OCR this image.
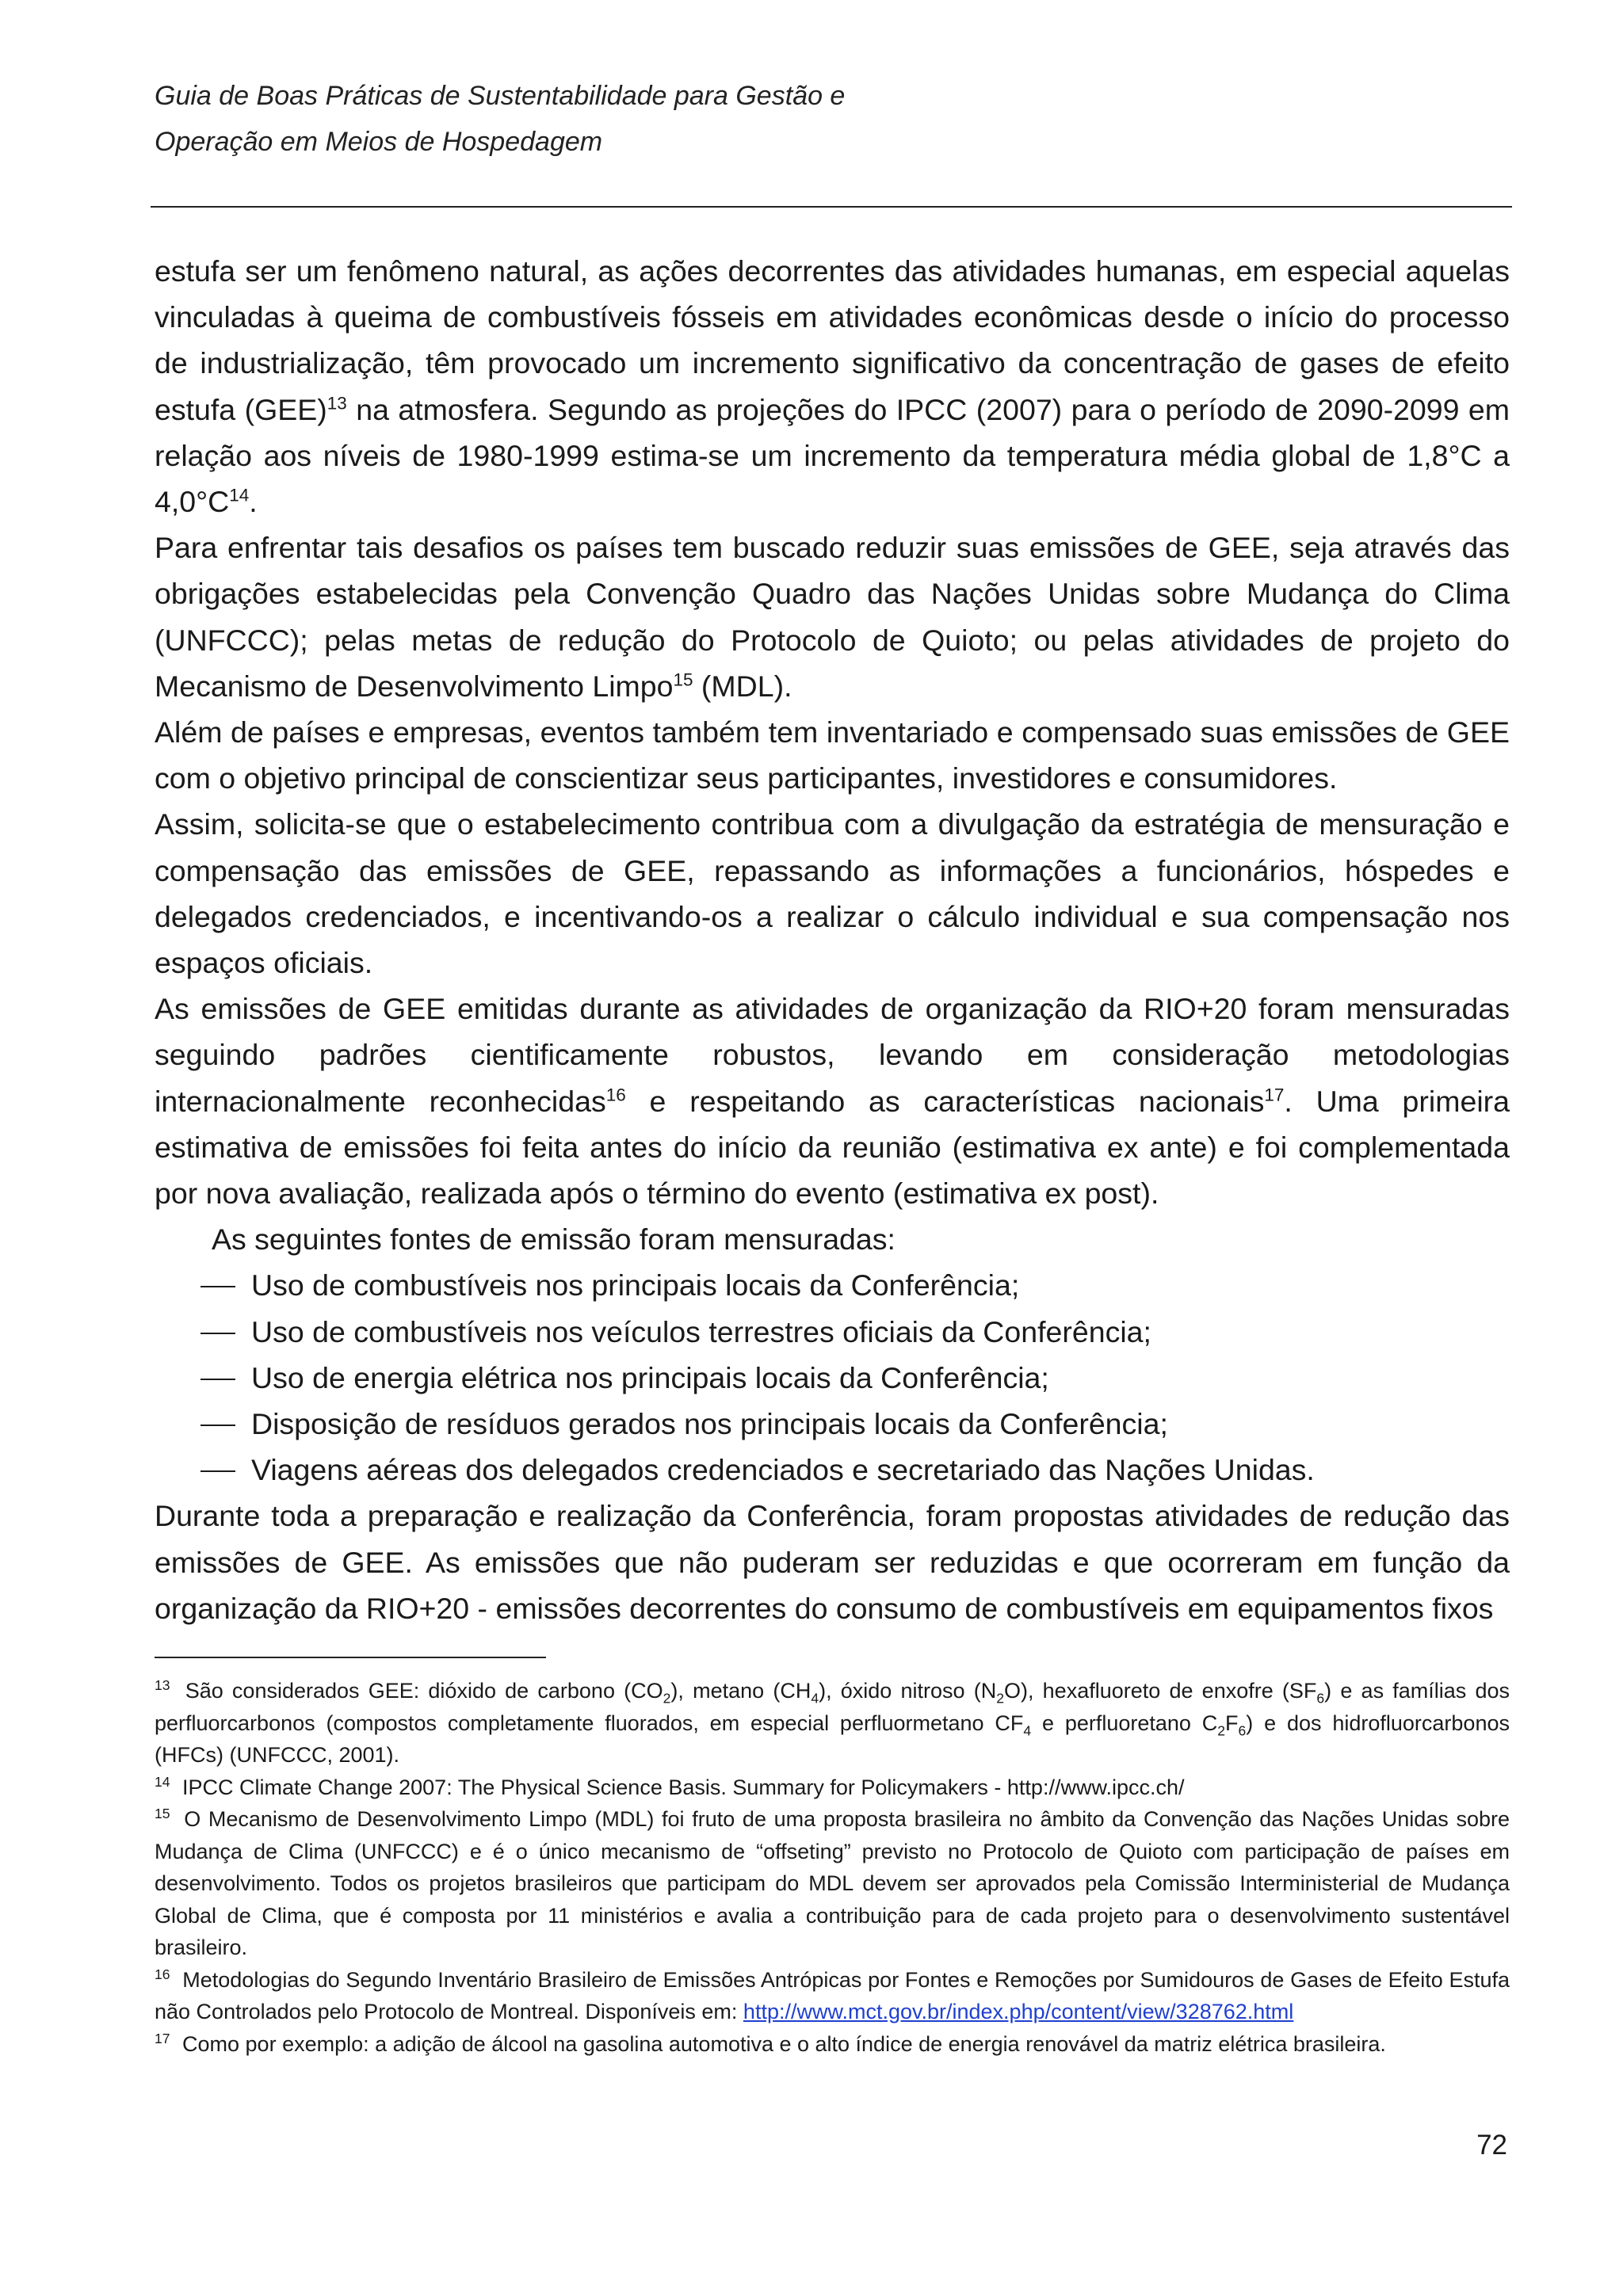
Guia de Boas Práticas de Sustentabilidade para Gestão e
Operação em Meios de Hospedagem

estufa ser um fenômeno natural, as ações decorrentes das atividades humanas, em especial aquelas vinculadas à queima de combustíveis fósseis em atividades econômicas desde o início do processo de industrialização, têm provocado um incremento significativo da concentração de gases de efeito estufa (GEE)$^{13}$ na atmosfera. Segundo as projeções do IPCC (2007) para o período de 2090-2099 em relação aos níveis de 1980-1999 estima-se um incremento da temperatura média global de 1,8°C a $4,0^\circ C^{14}$.

Para enfrentar tais desafios os países tem buscado reduzir suas emissões de GEE, seja através das obrigações estabelecidas pela Convenção Quadro das Nações Unidas sobre Mudança do Clima (UNFCCC); pelas metas de redução do Protocolo de Quioto; ou pelas atividades de projeto do Mecanismo de Desenvolvimento Limpo$^{15}$ (MDL).

Além de países e empresas, eventos também tem inventariado e compensado suas emissões de GEE com o objetivo principal de conscientizar seus participantes, investidores e consumidores.

Assim, solicita-se que o estabelecimento contribua com a divulgação da estratégia de mensuração e compensação das emissões de GEE, repassando as informações a funcionários, hóspedes e delegados credenciados, e incentivando-os a realizar o cálculo individual e sua compensação nos espaços oficiais.

As emissões de GEE emitidas durante as atividades de organização da RIO+20 foram mensuradas seguindo padrões cientificamente robustos, levando em consideração metodologias internacionalmente reconhecidas$^{16}$ e respeitando as características nacionais$^{17}$. Uma primeira estimativa de emissões foi feita antes do início da reunião (estimativa ex ante) e foi complementada por nova avaliação, realizada após o término do evento (estimativa ex post).

As seguintes fontes de emissão foram mensuradas:

Uso de combustíveis nos principais locais da Conferência;
Uso de combustíveis nos veículos terrestres oficiais da Conferência;
Uso de energia elétrica nos principais locais da Conferência;
Disposição de resíduos gerados nos principais locais da Conferência;
Viagens aéreas dos delegados credenciados e secretariado das Nações Unidas.

Durante toda a preparação e realização da Conferência, foram propostas atividades de redução das emissões de GEE. As emissões que não puderam ser reduzidas e que ocorreram em função da organização da RIO+20 - emissões decorrentes do consumo de combustíveis em equipamentos fixos

$^{13}$ São considerados GEE: dióxido de carbono $(CO_2)$, metano $(CH_4)$, óxido nitroso $(N_2O)$, hexafluoreto de enxofre $(SF_6)$ e as famílias dos perfluorcarbonos (compostos completamente fluorados, em especial perfluormetano $CF_4$ e perfluoretano $C_2F_6$) e dos hidrofluorcarbonos (HFCs) (UNFCCC, 2001).

$^{14}$ IPCC Climate Change 2007: The Physical Science Basis. Summary for Policymakers - http://www.ipcc.ch/

$^{15}$ O Mecanismo de Desenvolvimento Limpo (MDL) foi fruto de uma proposta brasileira no âmbito da Convenção das Nações Unidas sobre Mudança de Clima (UNFCCC) e é o único mecanismo de “offseting” previsto no Protocolo de Quioto com participação de países em desenvolvimento. Todos os projetos brasileiros que participam do MDL devem ser aprovados pela Comissão Interministerial de Mudança Global de Clima, que é composta por 11 ministérios e avalia a contribuição para de cada projeto para o desenvolvimento sustentável brasileiro.

$^{16}$ Metodologias do Segundo Inventário Brasileiro de Emissões Antrópicas por Fontes e Remoções por Sumidouros de Gases de Efeito Estufa não Controlados pelo Protocolo de Montreal. Disponíveis em: http://www.mct.gov.br/index.php/content/view/328762.html

$^{17}$ Como por exemplo: a adição de álcool na gasolina automotiva e o alto índice de energia renovável da matriz elétrica brasileira.

72
